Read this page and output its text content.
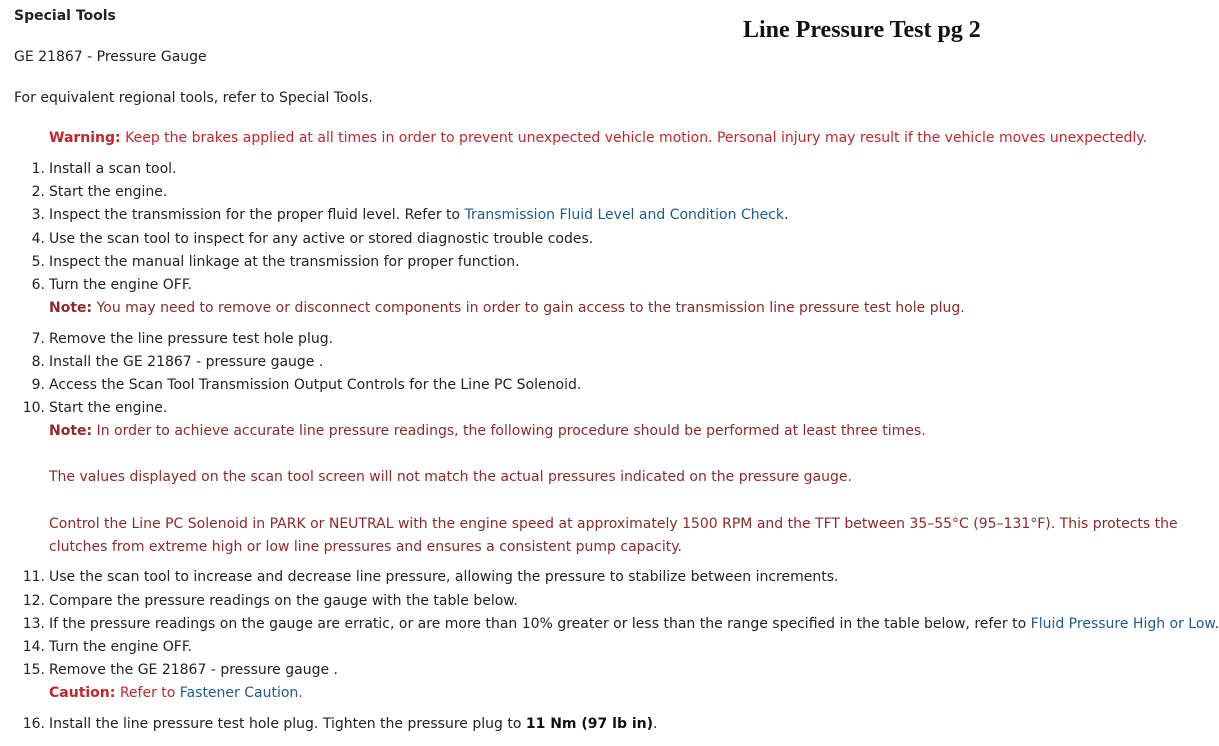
Line Pressure Test pg 2
Special Tools
GE 21867 - Pressure Gauge
For equivalent regional tools, refer to Special Tools.
Warning: Keep the brakes applied at all times in order to prevent unexpected vehicle motion. Personal injury may result if the vehicle moves unexpectedly.
1. Install a scan tool.
2. Start the engine.
3. Inspect the transmission for the proper fluid level. Refer to Transmission Fluid Level and Condition Check.
4. Use the scan tool to inspect for any active or stored diagnostic trouble codes.
5. Inspect the manual linkage at the transmission for proper function.
6. Turn the engine OFF.
Note: You may need to remove or disconnect components in order to gain access to the transmission line pressure test hole plug.
7. Remove the line pressure test hole plug.
8. Install the GE 21867 - pressure gauge .
9. Access the Scan Tool Transmission Output Controls for the Line PC Solenoid.
10. Start the engine.
Note: In order to achieve accurate line pressure readings, the following procedure should be performed at least three times.
The values displayed on the scan tool screen will not match the actual pressures indicated on the pressure gauge.
Control the Line PC Solenoid in PARK or NEUTRAL with the engine speed at approximately 1500 RPM and the TFT between 35–55°C (95–131°F). This protects the
clutches from extreme high or low line pressures and ensures a consistent pump capacity.
11. Use the scan tool to increase and decrease line pressure, allowing the pressure to stabilize between increments.
12. Compare the pressure readings on the gauge with the table below.
13. If the pressure readings on the gauge are erratic, or are more than 10% greater or less than the range specified in the table below, refer to Fluid Pressure High or Low.
14. Turn the engine OFF.
15. Remove the GE 21867 - pressure gauge .
Caution: Refer to Fastener Caution.
16. Install the line pressure test hole plug. Tighten the pressure plug to 11 Nm (97 lb in).
